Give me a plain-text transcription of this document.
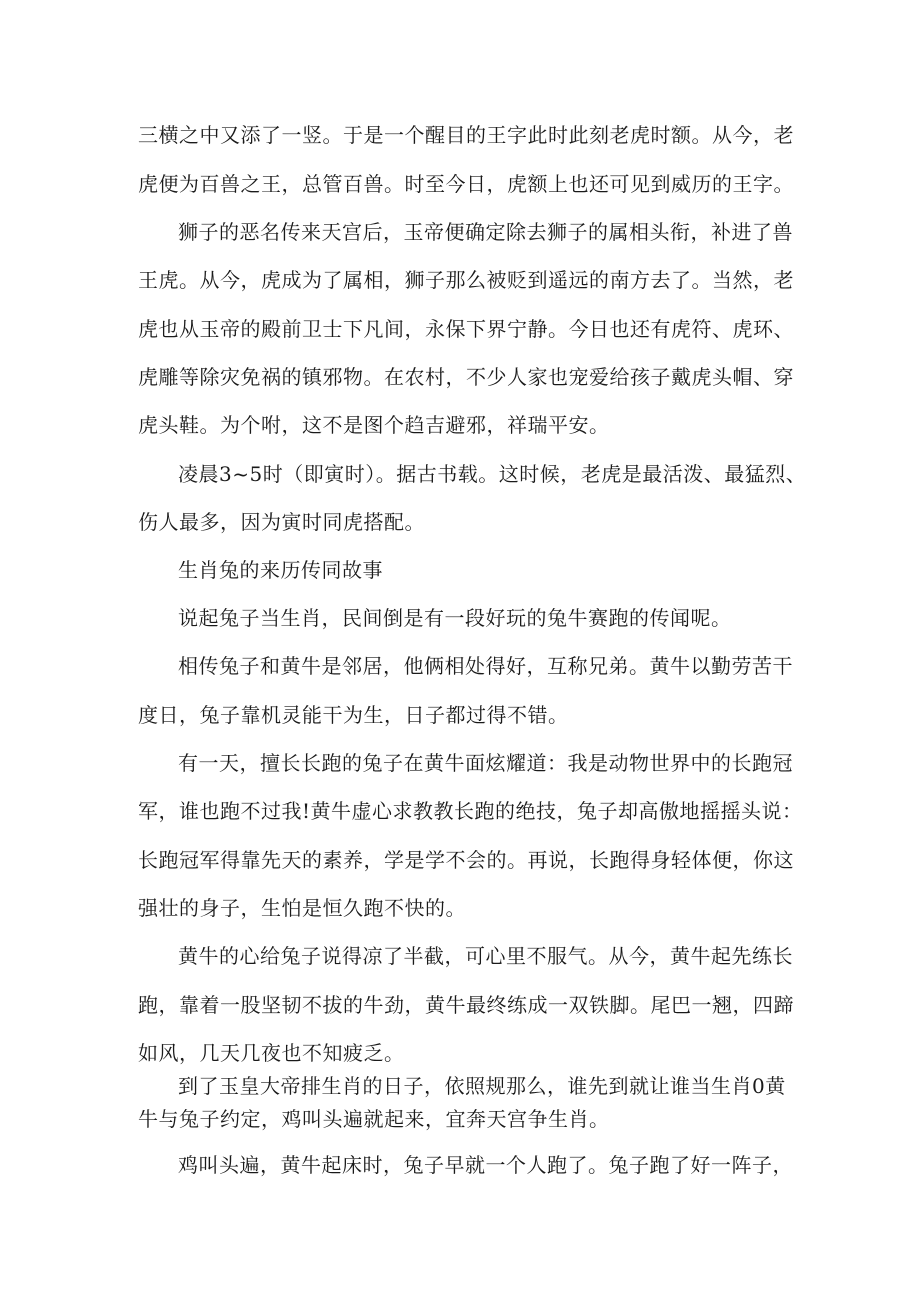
三横之中又添了一竖。于是一个醒目的王字此时此刻老虎时额。从今，老
虎便为百兽之王，总管百兽。时至今日，虎额上也还可见到威历的王字。
狮子的恶名传来天宫后，玉帝便确定除去狮子的属相头衔，补进了兽
王虎。从今，虎成为了属相，狮子那么被贬到遥远的南方去了。当然，老
虎也从玉帝的殿前卫士下凡间，永保下界宁静。今日也还有虎符、虎环、
虎雕等除灾免祸的镇邪物。在农村，不少人家也宠爱给孩子戴虎头帽、穿
虎头鞋。为个咐，这不是图个趋吉避邪，祥瑞平安。
凌晨3~5时（即寅时）。据古书载。这时候，老虎是最活泼、最猛烈、
伤人最多，因为寅时同虎搭配。
生肖兔的来历传同故事
说起兔子当生肖，民间倒是有一段好玩的兔牛赛跑的传闻呢。
相传兔子和黄牛是邻居，他俩相处得好，互称兄弟。黄牛以勤劳苦干
度日，兔子靠机灵能干为生，日子都过得不错。
有一天，擅长长跑的兔子在黄牛面炫耀道：我是动物世界中的长跑冠
军，谁也跑不过我!黄牛虚心求教教长跑的绝技，兔子却高傲地摇摇头说：
长跑冠军得靠先天的素养，学是学不会的。再说，长跑得身轻体便，你这
强壮的身子，生怕是恒久跑不快的。
黄牛的心给兔子说得凉了半截，可心里不服气。从今，黄牛起先练长
跑，靠着一股坚韧不拔的牛劲，黄牛最终练成一双铁脚。尾巴一翘，四蹄
如风，几天几夜也不知疲乏。
到了玉皇大帝排生肖的日子，依照规那么，谁先到就让谁当生肖0黄
牛与兔子约定，鸡叫头遍就起来，宜奔天宫争生肖。
鸡叫头遍，黄牛起床时，兔子早就一个人跑了。兔子跑了好一阵子，
